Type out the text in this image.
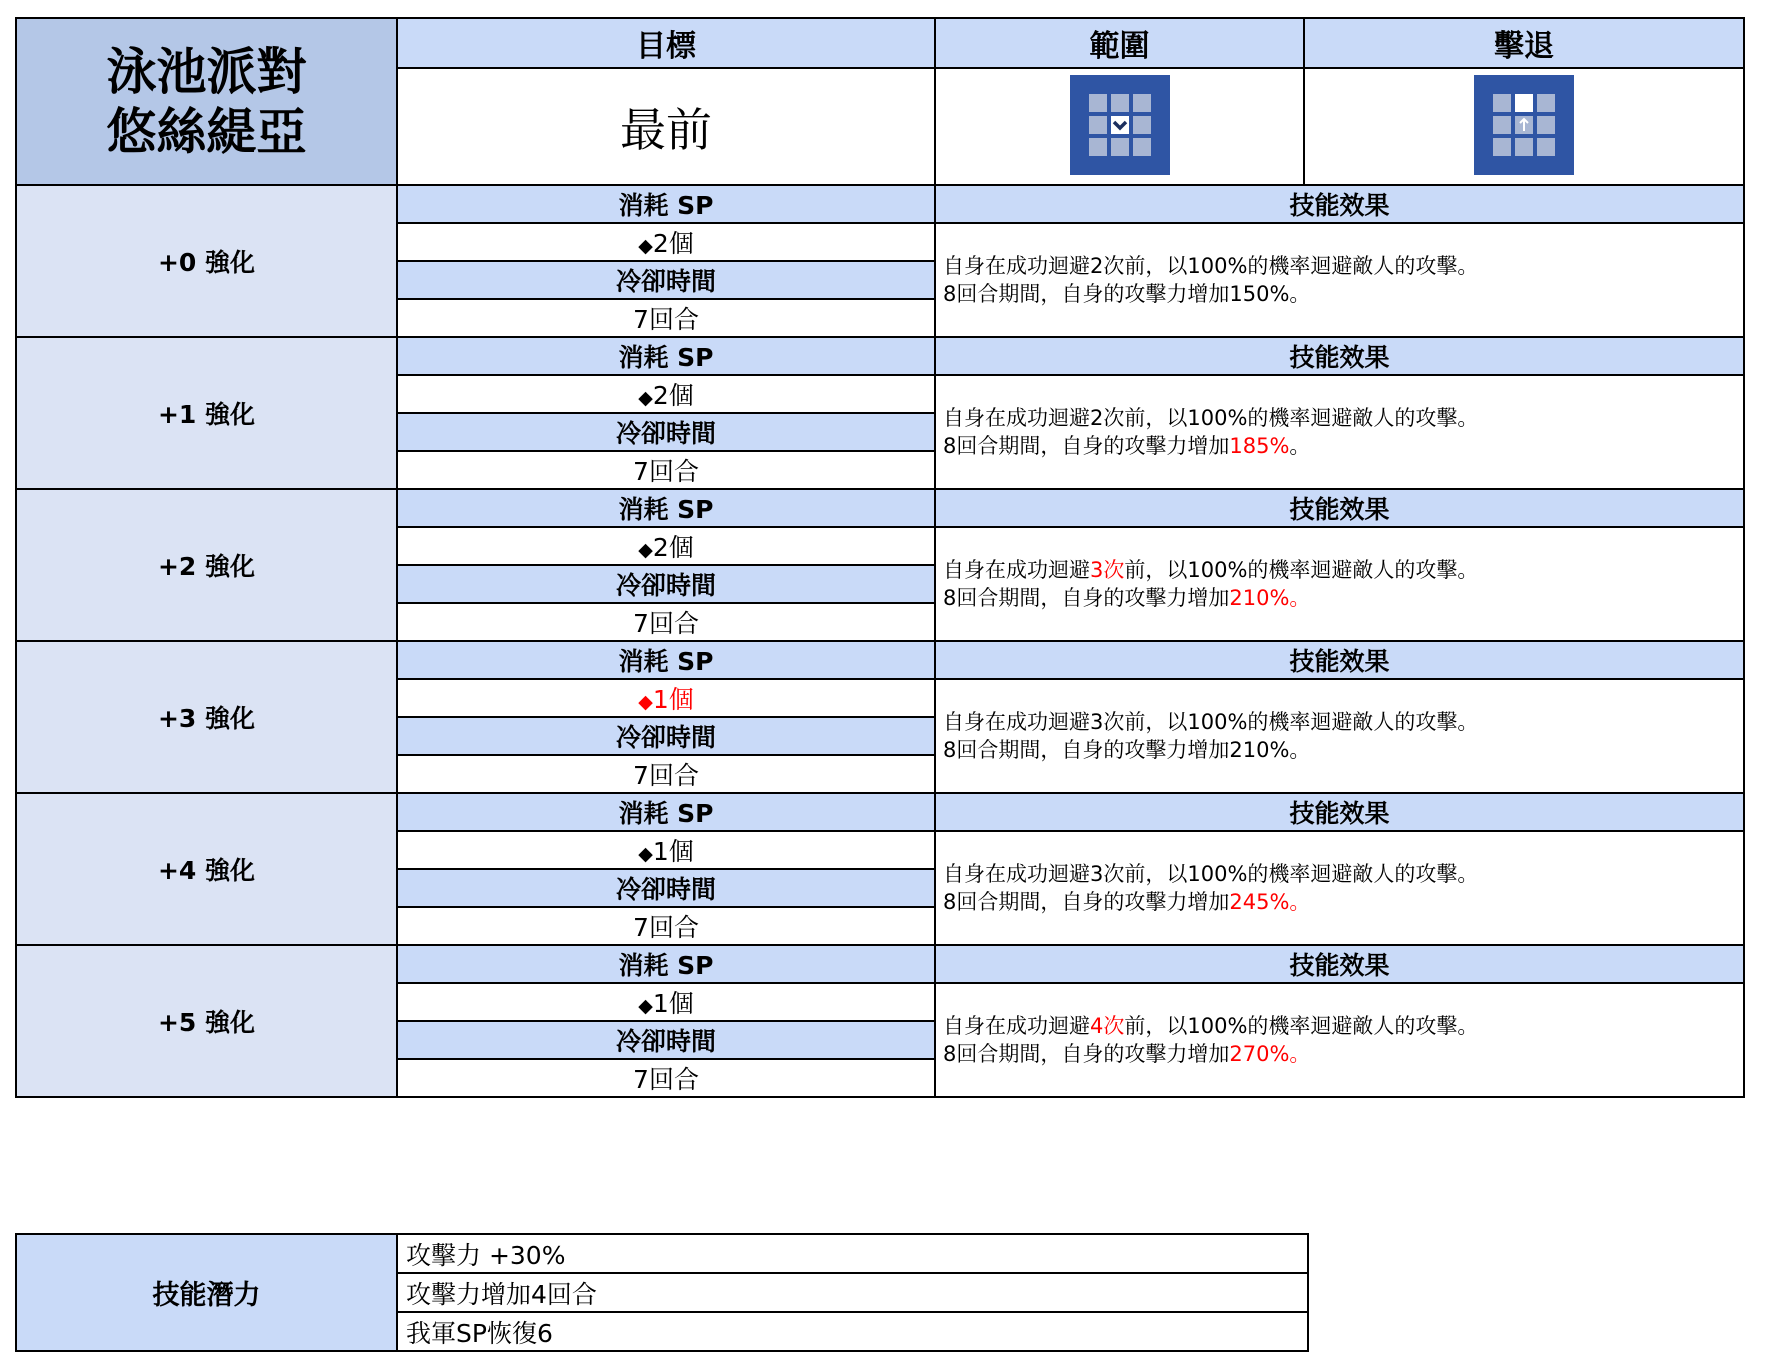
泳池派對
悠絲緹亞	目標	範圍	擊退
	最前		
+0 強化	消耗 SP	技能效果	
	◆2個	自身在成功迴避2次前，以100%的機率迴避敵人的攻擊。
8回合期間，自身的攻擊力增加150%。	

	冷卻時間		
	7回合		
+1 強化	消耗 SP	技能效果	
	◆2個	自身在成功迴避2次前，以100%的機率迴避敵人的攻擊。
8回合期間，自身的攻擊力增加185%。	

	冷卻時間		
	7回合		
+2 強化	消耗 SP	技能效果	
	◆2個	自身在成功迴避3次前，以100%的機率迴避敵人的攻擊。
8回合期間，自身的攻擊力增加210%。	

	冷卻時間		
	7回合		
+3 強化	消耗 SP	技能效果	
	◆1個	自身在成功迴避3次前，以100%的機率迴避敵人的攻擊。
8回合期間，自身的攻擊力增加210%。	

	冷卻時間		
	7回合		
+4 強化	消耗 SP	技能效果	
	◆1個	自身在成功迴避3次前，以100%的機率迴避敵人的攻擊。
8回合期間，自身的攻擊力增加245%。	

	冷卻時間		
	7回合		
+5 強化	消耗 SP	技能效果	
	◆1個	自身在成功迴避4次前，以100%的機率迴避敵人的攻擊。
8回合期間，自身的攻擊力增加270%。	

	冷卻時間		
	7回合		
技能潛力	攻擊力 +30%
攻擊力增加4回合
我軍SP恢復6
